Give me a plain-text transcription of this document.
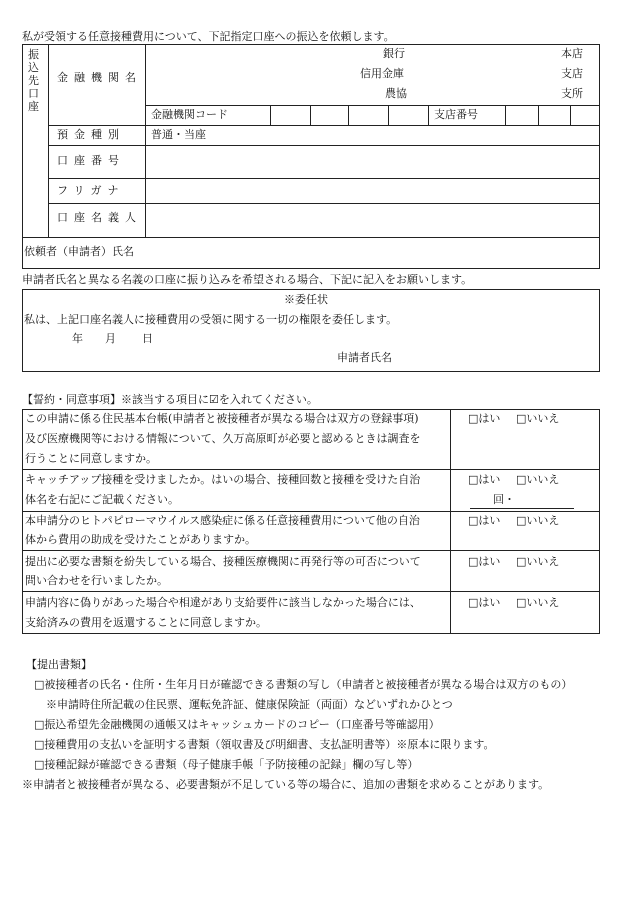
私が受領する任意接種費用について、下記指定口座への振込を依頼します。
振込先口座
金融機関名
銀行
信用金庫
農協
本店
支店
支所
金融機関コード	支店番号
預金種別 普通・当座
口座番号
フリガナ
口座名義人
依頼者（申請者）氏名
申請者氏名と異なる名義の口座に振り込みを希望される場合、下記に記入をお願いします。
※委任状
私は、上記口座名義人に接種費用の受領に関する一切の権限を委任します。
年 月 日
申請者氏名
【誓約・同意事項】※該当する項目に☑を入れてください。
この申請に係る住民基本台帳(申請者と被接種者が異なる場合は双方の登録事項)
及び医療機関等における情報について、久万高原町が必要と認めるときは調査を
行うことに同意しますか。
□はい □いいえ
キャッチアップ接種を受けましたか。はいの場合、接種回数と接種を受けた自治
体名を右記にご記載ください。
□はい □いいえ
回・
本申請分のヒトパピローマウイルス感染症に係る任意接種費用について他の自治
体から費用の助成を受けたことがありますか。
□はい □いいえ
提出に必要な書類を紛失している場合、接種医療機関に再発行等の可否について
問い合わせを行いましたか。
□はい □いいえ
申請内容に偽りがあった場合や相違があり支給要件に該当しなかった場合には、
支給済みの費用を返還することに同意しますか。
□はい □いいえ
【提出書類】
□被接種者の氏名・住所・生年月日が確認できる書類の写し（申請者と被接種者が異なる場合は双方のもの）
※申請時住所記載の住民票、運転免許証、健康保険証（両面）などいずれかひとつ
□振込希望先金融機関の通帳又はキャッシュカードのコピー（口座番号等確認用）
□接種費用の支払いを証明する書類（領収書及び明細書、支払証明書等）※原本に限ります。
□接種記録が確認できる書類（母子健康手帳「予防接種の記録」欄の写し等）
※申請者と被接種者が異なる、必要書類が不足している等の場合に、追加の書類を求めることがあります。
